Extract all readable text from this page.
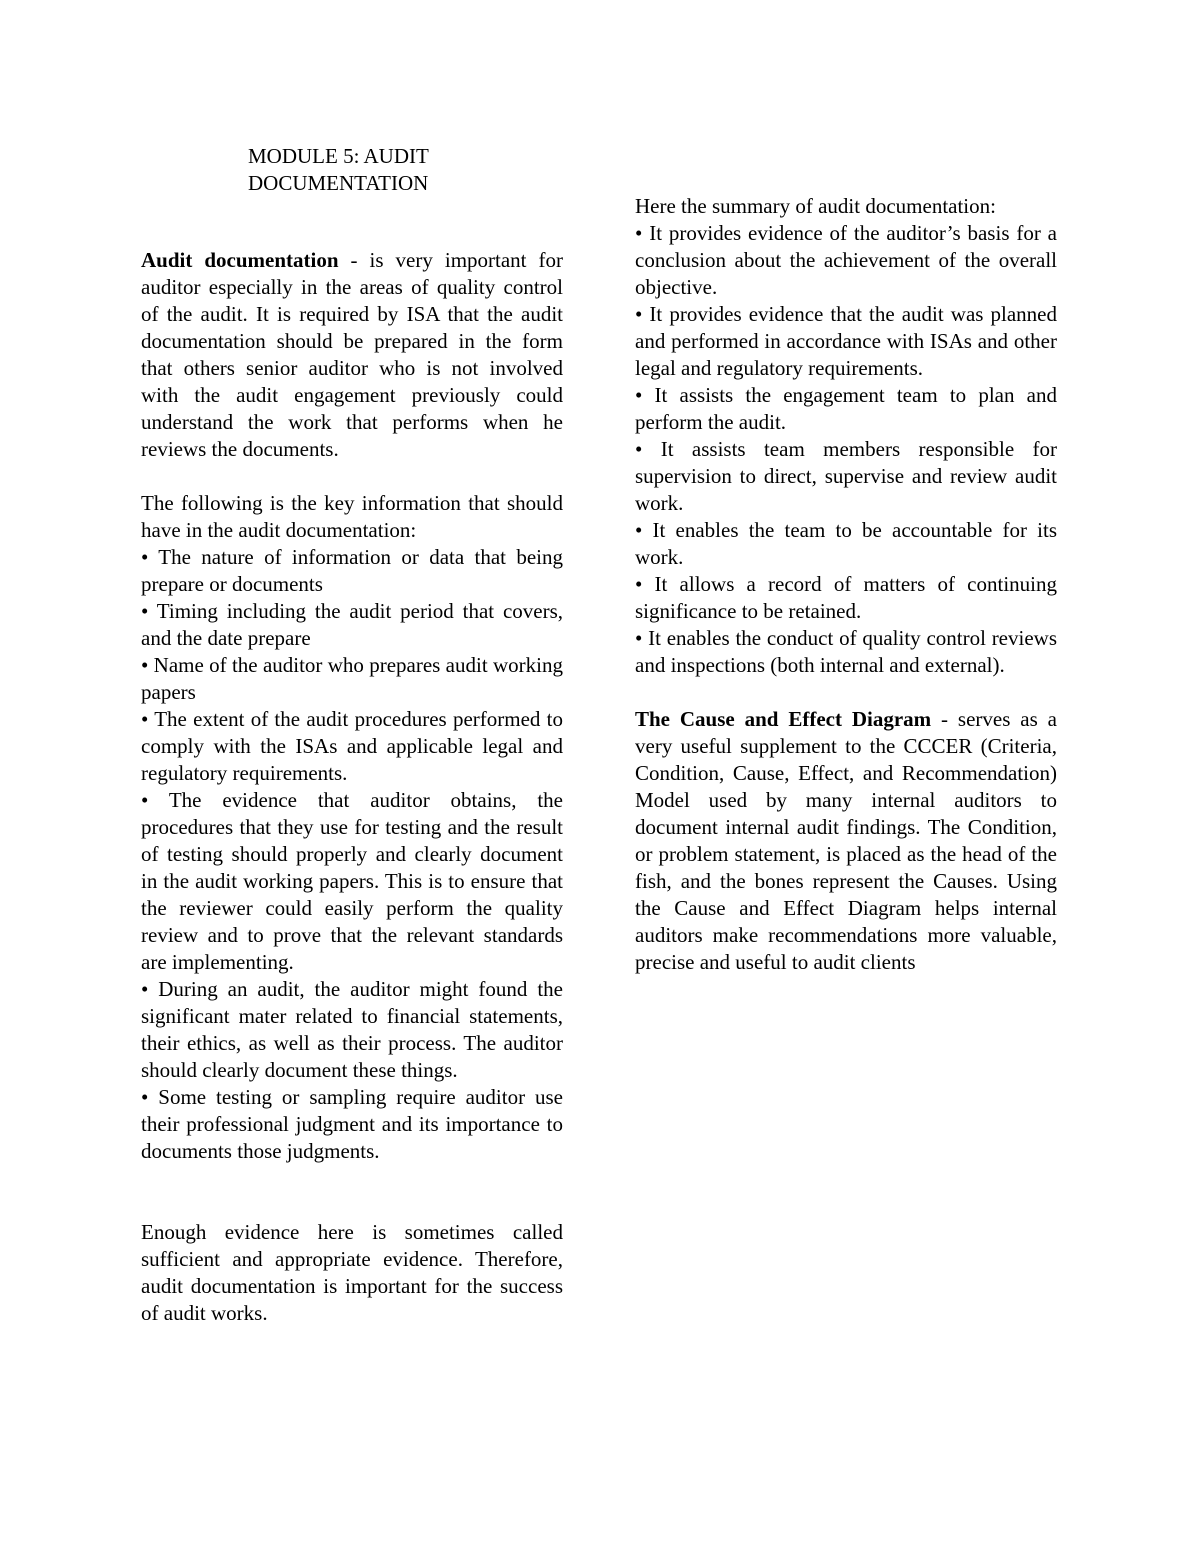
MODULE 5: AUDIT
DOCUMENTATION

Audit documentation - is very important for auditor especially in the areas of quality control of the audit. It is required by ISA that the audit documentation should be prepared in the form that others senior auditor who is not involved with the audit engagement previously could understand the work that performs when he reviews the documents.

The following is the key information that should have in the audit documentation:

• The nature of information or data that being prepare or documents

• Timing including the audit period that covers, and the date prepare

• Name of the auditor who prepares audit working papers

• The extent of the audit procedures performed to comply with the ISAs and applicable legal and regulatory requirements.

• The evidence that auditor obtains, the procedures that they use for testing and the result of testing should properly and clearly document in the audit working papers. This is to ensure that the reviewer could easily perform the quality review and to prove that the relevant standards are implementing.

• During an audit, the auditor might found the significant mater related to financial statements, their ethics, as well as their process. The auditor should clearly document these things.

• Some testing or sampling require auditor use their professional judgment and its importance to documents those judgments.

Enough evidence here is sometimes called sufficient and appropriate evidence. Therefore, audit documentation is important for the success of audit works.

Here the summary of audit documentation:

• It provides evidence of the auditor’s basis for a conclusion about the achievement of the overall objective.

• It provides evidence that the audit was planned and performed in accordance with ISAs and other legal and regulatory requirements.

• It assists the engagement team to plan and perform the audit.

• It assists team members responsible for supervision to direct, supervise and review audit work.

• It enables the team to be accountable for its work.

• It allows a record of matters of continuing significance to be retained.

• It enables the conduct of quality control reviews and inspections (both internal and external).

The Cause and Effect Diagram - serves as a very useful supplement to the CCCER (Criteria, Condition, Cause, Effect, and Recommendation) Model used by many internal auditors to document internal audit findings. The Condition, or problem statement, is placed as the head of the fish, and the bones represent the Causes. Using the Cause and Effect Diagram helps internal auditors make recommendations more valuable, precise and useful to audit clients
